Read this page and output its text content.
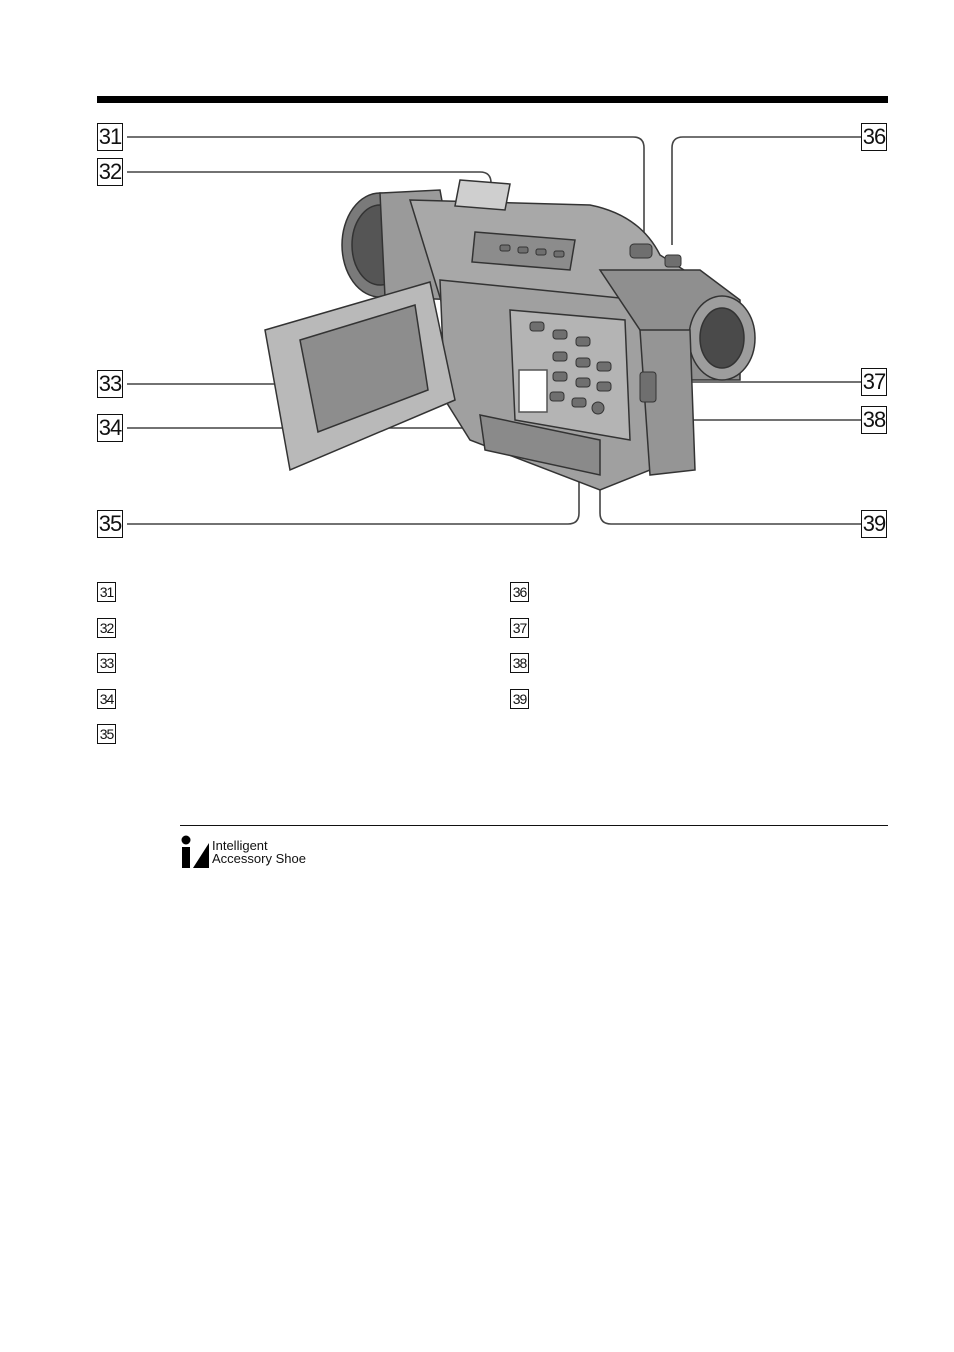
31
32
33
34
35
36
37
38
39
31
32
33
34
35
36
37
38
39
Intelligent
Accessory Shoe
